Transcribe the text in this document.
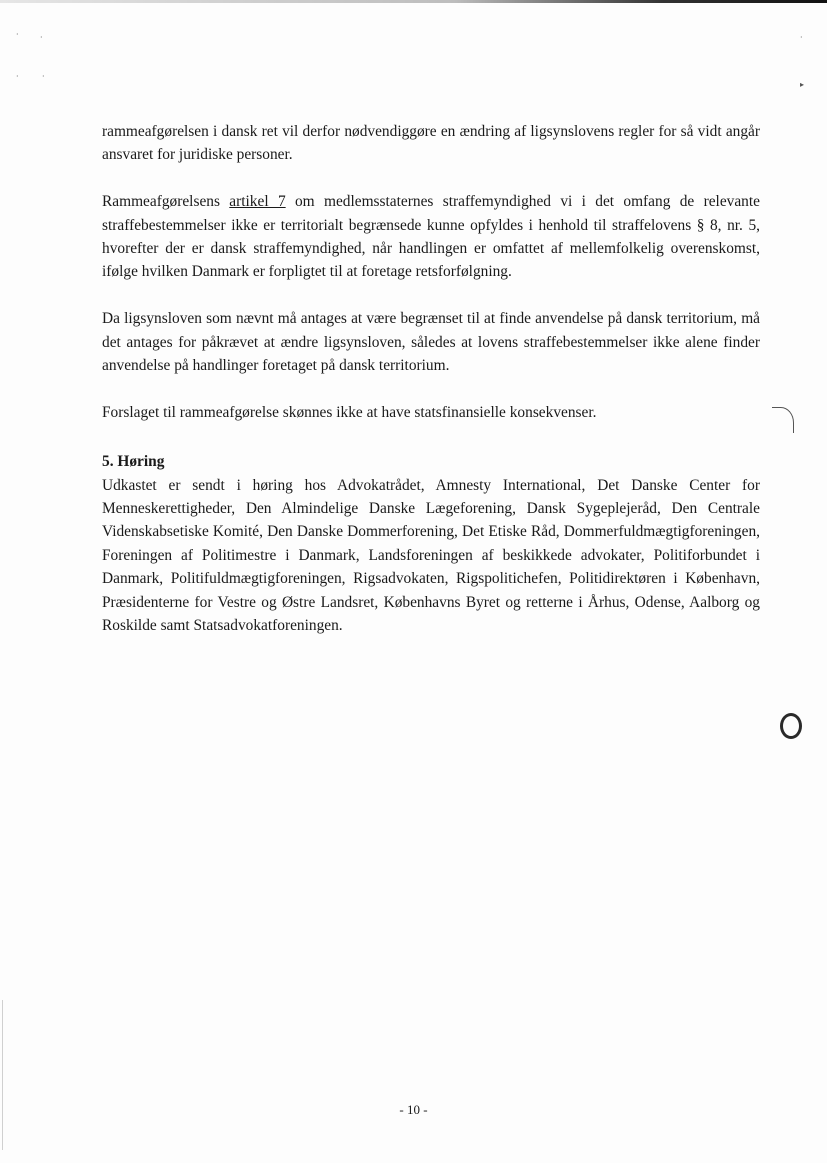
·	·
·	·
·
▸

rammeafgørelsen i dansk ret vil derfor nødvendiggøre en ændring af ligsynslovens regler for så vidt angår ansvaret for juridiske personer.

Rammeafgørelsens artikel 7 om medlemsstaternes straffemyndighed vi i det omfang de relevante straffebestemmelser ikke er territorialt begrænsede kunne opfyldes i henhold til straffelovens § 8, nr. 5, hvorefter der er dansk straffemyndighed, når handlingen er omfattet af mellemfolkelig overenskomst, ifølge hvilken Danmark er forpligtet til at foretage retsforfølgning.

Da ligsynsloven som nævnt må antages at være begrænset til at finde anvendelse på dansk territorium, må det antages for påkrævet at ændre ligsynsloven, således at lovens straffebestemmelser ikke alene finder anvendelse på handlinger foretaget på dansk territorium.

Forslaget til rammeafgørelse skønnes ikke at have statsfinansielle konsekvenser.

5. Høring

Udkastet er sendt i høring hos Advokatrådet, Amnesty International, Det Danske Center for Menneskerettigheder, Den Almindelige Danske Lægeforening, Dansk Sygeplejeråd, Den Centrale Videnskabsetiske Komité, Den Danske Dommerforening, Det Etiske Råd, Dommerfuldmægtigforeningen, Foreningen af Politimestre i Danmark, Landsforeningen af beskikkede advokater, Politiforbundet i Danmark, Politifuldmægtigforeningen, Rigsadvokaten, Rigspolitichefen, Politidirektøren i København, Præsidenterne for Vestre og Østre Landsret, Københavns Byret og retterne i Århus, Odense, Aalborg og Roskilde samt Statsadvokatforeningen.

- 10 -
